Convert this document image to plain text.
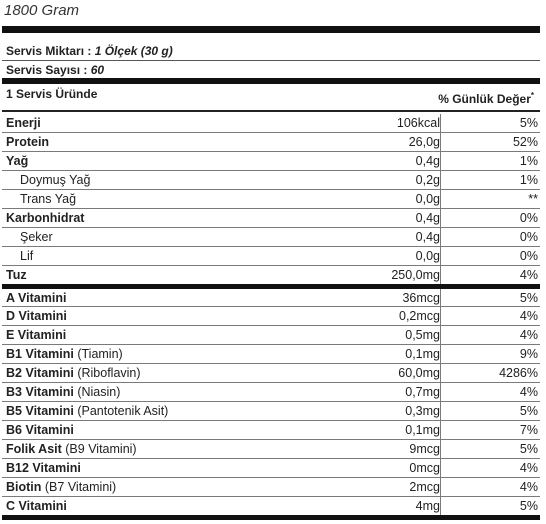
1800 Gram
Servis Miktarı : 1 Ölçek (30 g)
Servis Sayısı : 60
1 Servis Üründe	% Günlük Değer*
Enerji	106kcal	5%
Protein	26,0g	52%
Yağ	0,4g	1%
Doymuş Yağ	0,2g	1%
Trans Yağ	0,0g	**
Karbonhidrat	0,4g	0%
Şeker	0,4g	0%
Lif	0,0g	0%
Tuz	250,0mg	4%
A Vitamini	36mcg	5%
D Vitamini	0,2mcg	4%
E Vitamini	0,5mg	4%
B1 Vitamini (Tiamin)	0,1mg	9%
B2 Vitamini (Riboflavin)	60,0mg	4286%
B3 Vitamini (Niasin)	0,7mg	4%
B5 Vitamini (Pantotenik Asit)	0,3mg	5%
B6 Vitamini	0,1mg	7%
Folik Asit (B9 Vitamini)	9mcg	5%
B12 Vitamini	0mcg	4%
Biotin (B7 Vitamini)	2mcg	4%
C Vitamini	4mg	5%
